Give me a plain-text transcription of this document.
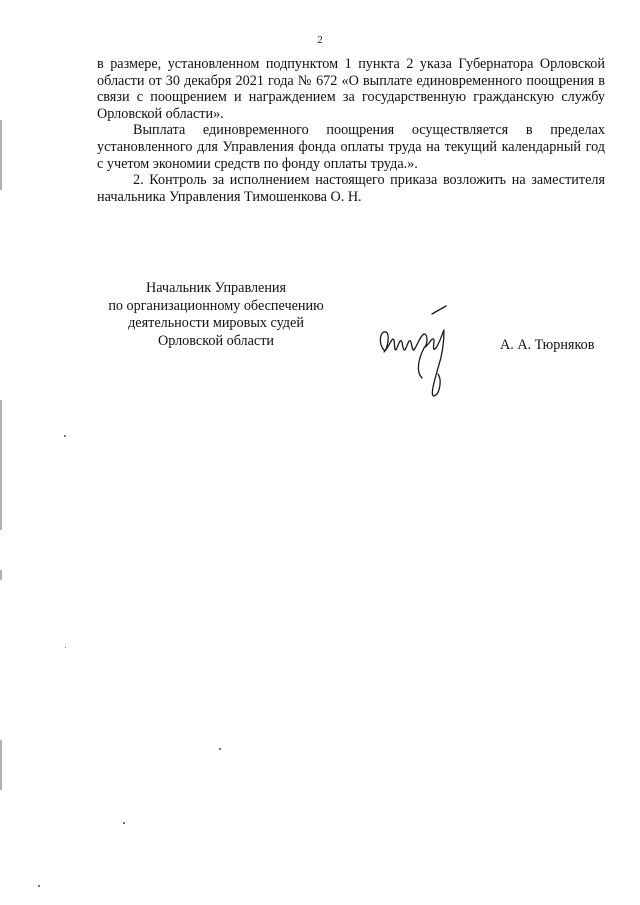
2

в размере, установленном подпунктом 1 пункта 2 указа Губернатора Орловской области от 30 декабря 2021 года № 672 «О выплате единовременного поощрения в связи с поощрением и награждением за государственную гражданскую службу Орловской области».

Выплата единовременного поощрения осуществляется в пределах установленного для Управления фонда оплаты труда на текущий календарный год с учетом экономии средств по фонду оплаты труда.».

2. Контроль за исполнением настоящего приказа возложить на заместителя начальника Управления Тимошенкова О. Н.

Начальник Управления
по организационному обеспечению
деятельности мировых судей
Орловской области	А. А. Тюрняков
